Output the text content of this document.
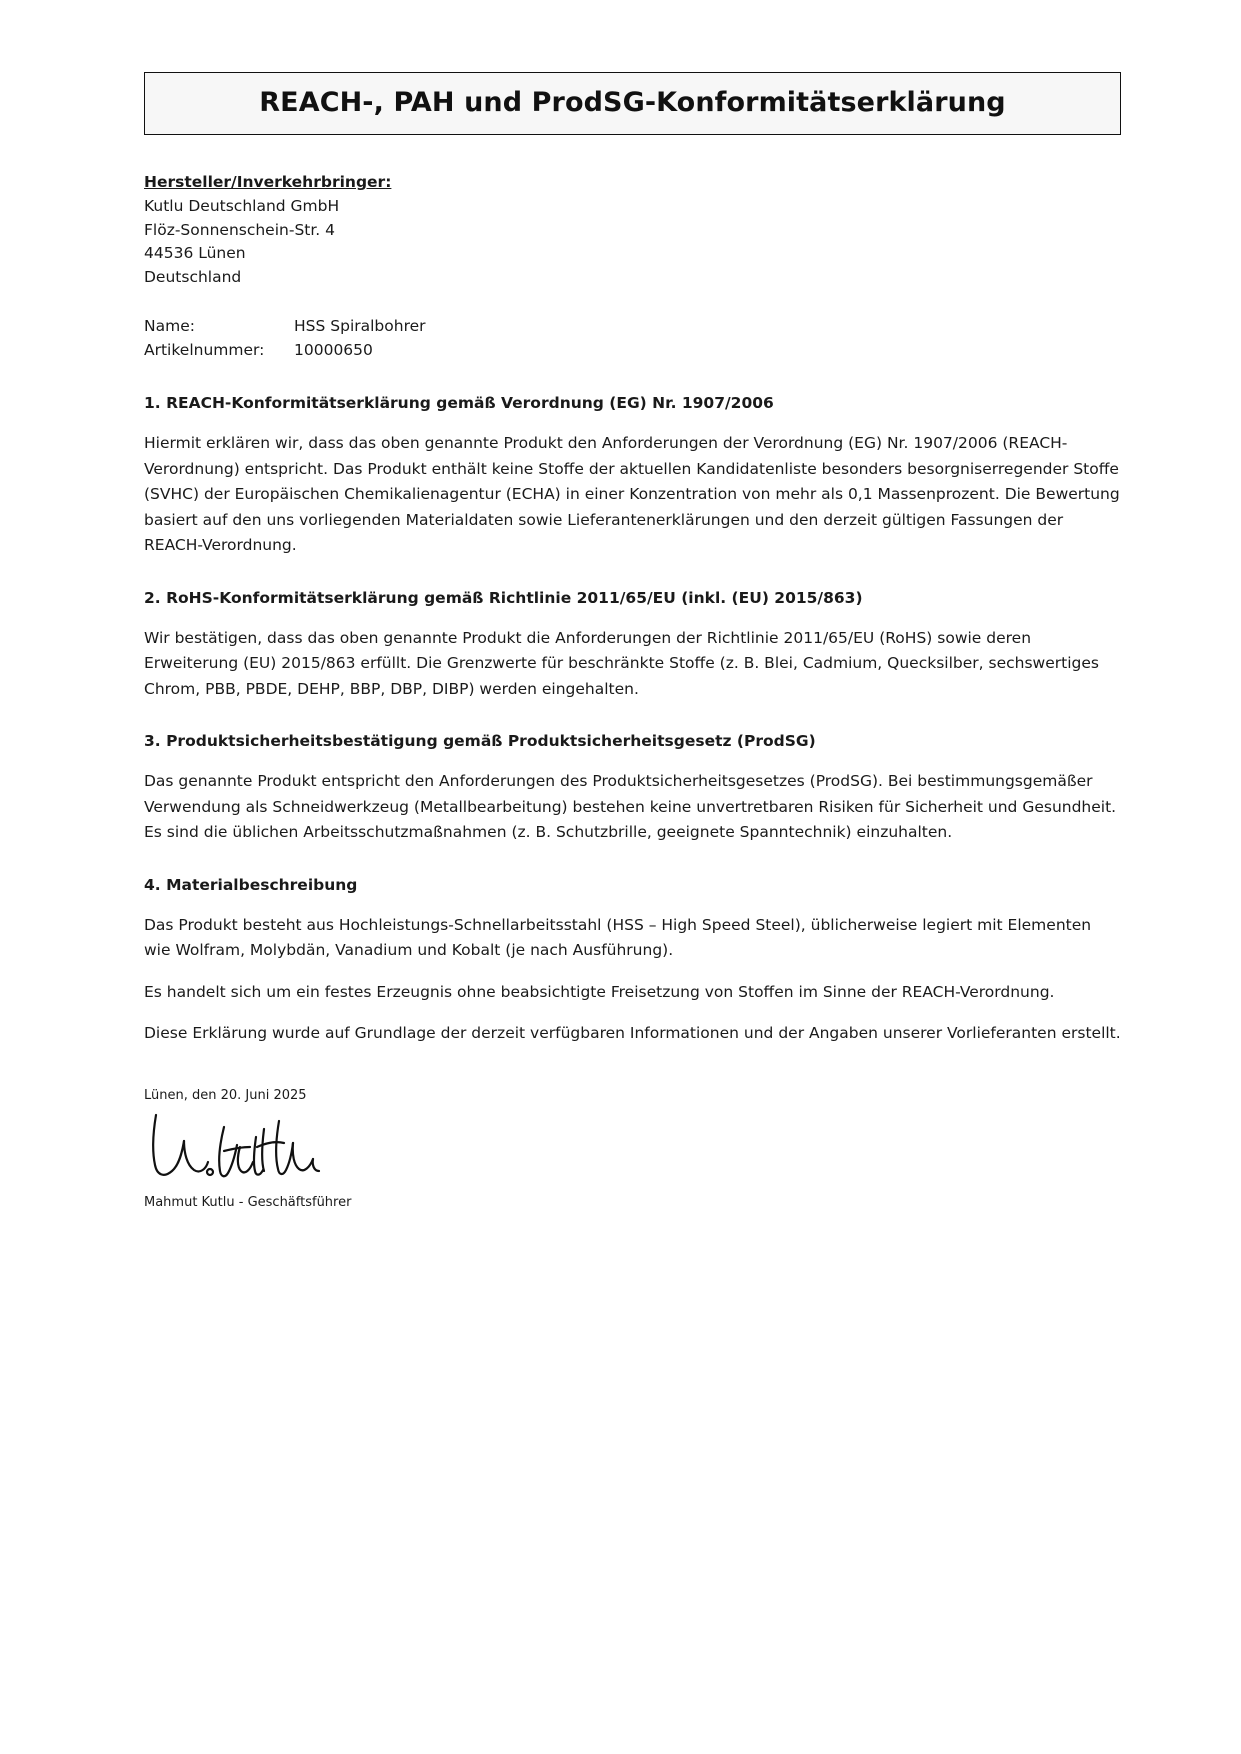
REACH-, PAH und ProdSG-Konformitätserklärung
Hersteller/Inverkehrbringer:

Kutlu Deutschland GmbH

Flöz-Sonnenschein-Str. 4

44536 Lünen

Deutschland

Name:	HSS Spiralbohrer
Artikelnummer:	10000650
1. REACH-Konformitätserklärung gemäß Verordnung (EG) Nr. 1907/2006

Hiermit erklären wir, dass das oben genannte Produkt den Anforderungen der Verordnung (EG) Nr. 1907/2006 (REACH-Verordnung) entspricht. Das Produkt enthält keine Stoffe der aktuellen Kandidatenliste besonders besorgniserregender Stoffe (SVHC) der Europäischen Chemikalienagentur (ECHA) in einer Konzentration von mehr als 0,1 Massenprozent. Die Bewertung basiert auf den uns vorliegenden Materialdaten sowie Lieferantenerklärungen und den derzeit gültigen Fassungen der REACH-Verordnung.

2. RoHS-Konformitätserklärung gemäß Richtlinie 2011/65/EU (inkl. (EU) 2015/863)

Wir bestätigen, dass das oben genannte Produkt die Anforderungen der Richtlinie 2011/65/EU (RoHS) sowie deren Erweiterung (EU) 2015/863 erfüllt. Die Grenzwerte für beschränkte Stoffe (z. B. Blei, Cadmium, Quecksilber, sechswertiges Chrom, PBB, PBDE, DEHP, BBP, DBP, DIBP) werden eingehalten.

3. Produktsicherheitsbestätigung gemäß Produktsicherheitsgesetz (ProdSG)

Das genannte Produkt entspricht den Anforderungen des Produktsicherheitsgesetzes (ProdSG). Bei bestimmungsgemäßer Verwendung als Schneidwerkzeug (Metallbearbeitung) bestehen keine unvertretbaren Risiken für Sicherheit und Gesundheit. Es sind die üblichen Arbeitsschutzmaßnahmen (z. B. Schutzbrille, geeignete Spanntechnik) einzuhalten.

4. Materialbeschreibung

Das Produkt besteht aus Hochleistungs-Schnellarbeitsstahl (HSS – High Speed Steel), üblicherweise legiert mit Elementen wie Wolfram, Molybdän, Vanadium und Kobalt (je nach Ausführung).

Es handelt sich um ein festes Erzeugnis ohne beabsichtigte Freisetzung von Stoffen im Sinne der REACH-Verordnung.

Diese Erklärung wurde auf Grundlage der derzeit verfügbaren Informationen und der Angaben unserer Vorlieferanten erstellt.

Lünen, den 20. Juni 2025

Mahmut Kutlu - Geschäftsführer
